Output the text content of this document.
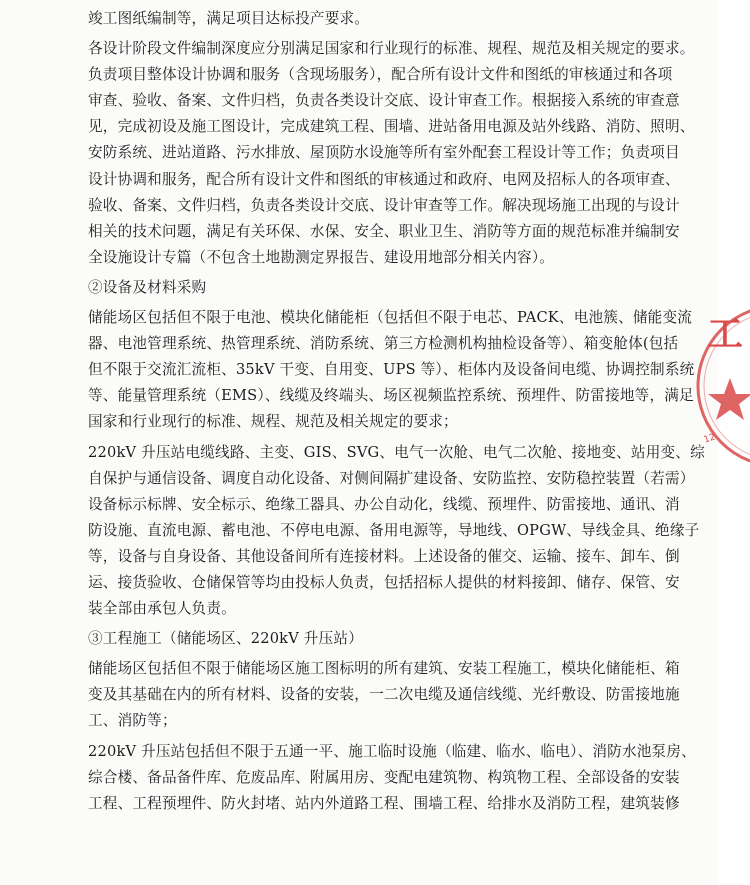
竣工图纸编制等，满足项目达标投产要求。
各设计阶段文件编制深度应分别满足国家和行业现行的标准、规程、规范及相关规定的要求。
负责项目整体设计协调和服务（含现场服务），配合所有设计文件和图纸的审核通过和各项
审查、验收、备案、文件归档，负责各类设计交底、设计审查工作。根据接入系统的审查意
见，完成初设及施工图设计，完成建筑工程、围墙、进站备用电源及站外线路、消防、照明、
安防系统、进站道路、污水排放、屋顶防水设施等所有室外配套工程设计等工作；负责项目
设计协调和服务，配合所有设计文件和图纸的审核通过和政府、电网及招标人的各项审查、
验收、备案、文件归档，负责各类设计交底、设计审查等工作。解决现场施工出现的与设计
相关的技术问题，满足有关环保、水保、安全、职业卫生、消防等方面的规范标准并编制安
全设施设计专篇（不包含土地勘测定界报告、建设用地部分相关内容）。
②设备及材料采购
储能场区包括但不限于电池、模块化储能柜（包括但不限于电芯、PACK、电池簇、储能变流
器、电池管理系统、热管理系统、消防系统、第三方检测机构抽检设备等）、箱变舱体(包括
但不限于交流汇流柜、35kV 干变、自用变、UPS 等）、柜体内及设备间电缆、协调控制系统
等、能量管理系统（EMS）、线缆及终端头、场区视频监控系统、预埋件、防雷接地等，满足
国家和行业现行的标准、规程、规范及相关规定的要求；
220kV 升压站电缆线路、主变、GIS、SVG、电气一次舱、电气二次舱、接地变、站用变、综
自保护与通信设备、调度自动化设备、对侧间隔扩建设备、安防监控、安防稳控装置（若需）
设备标示标牌、安全标示、绝缘工器具、办公自动化，线缆、预埋件、防雷接地、通讯、消
防设施、直流电源、蓄电池、不停电电源、备用电源等，导地线、OPGW、导线金具、绝缘子
等，设备与自身设备、其他设备间所有连接材料。上述设备的催交、运输、接车、卸车、倒
运、接货验收、仓储保管等均由投标人负责，包括招标人提供的材料接卸、储存、保管、安
装全部由承包人负责。
③工程施工（储能场区、220kV 升压站）
储能场区包括但不限于储能场区施工图标明的所有建筑、安装工程施工，模块化储能柜、箱
变及其基础在内的所有材料、设备的安装，一二次电缆及通信线缆、光纤敷设、防雷接地施
工、消防等；
220kV 升压站包括但不限于五通一平、施工临时设施（临建、临水、临电）、消防水池泵房、
综合楼、备品备件库、危废品库、附属用房、变配电建筑物、构筑物工程、全部设备的安装
工程、工程预埋件、防火封堵、站内外道路工程、围墙工程、给排水及消防工程，建筑装修
工
12
